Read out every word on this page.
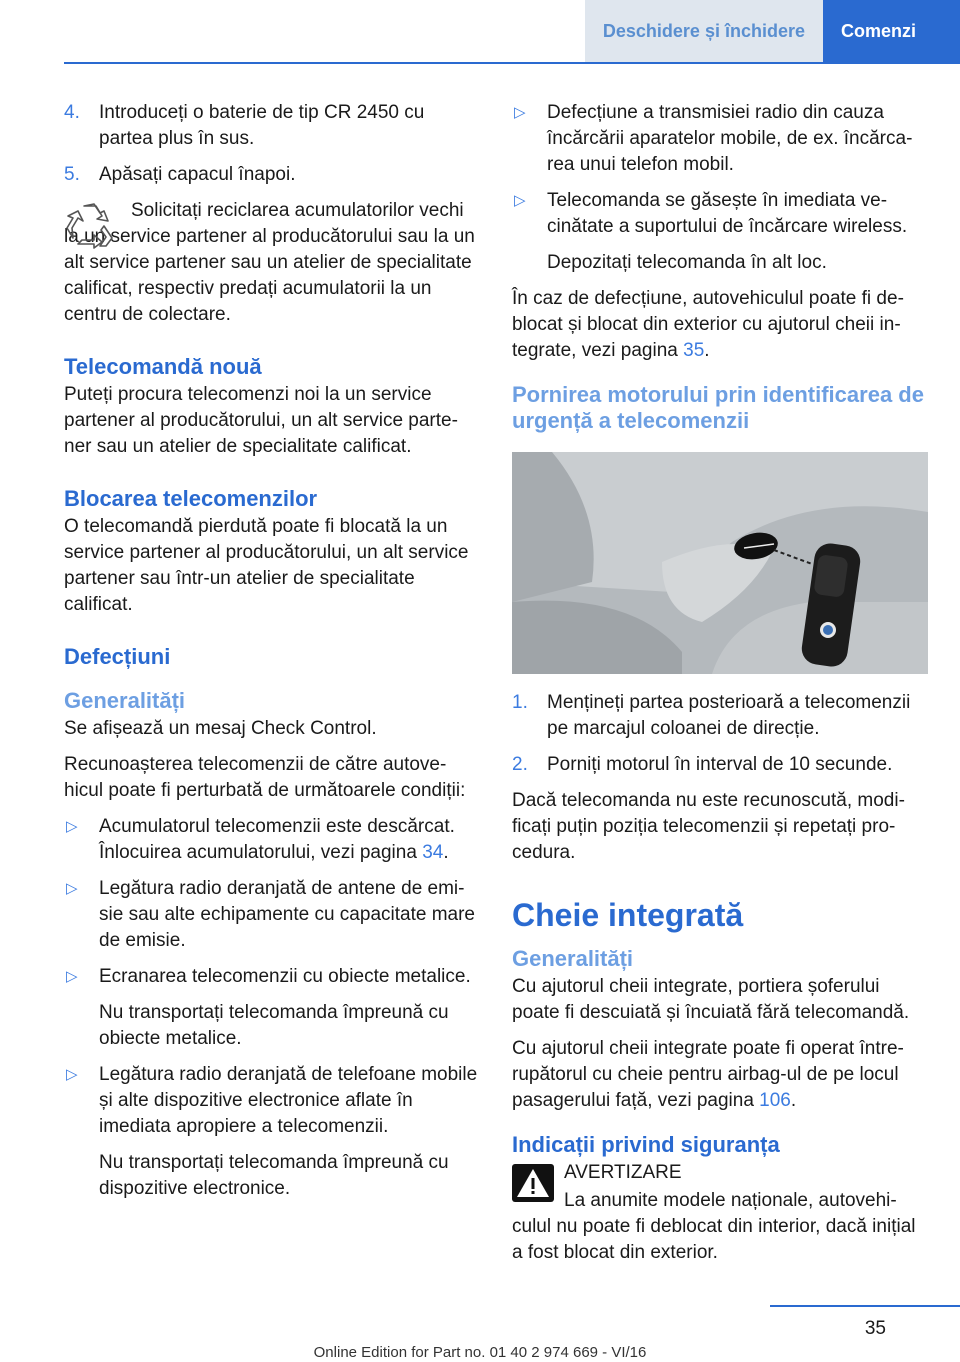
Deschidere și închidere	Comenzi
4. Introduceți o baterie de tip CR 2450 cu partea plus în sus.
5. Apăsați capacul înapoi.

Solicitați reciclarea acumulatorilor vechi la un service partener al producătorului sau la un alt service partener sau un atelier de specialitate calificat, respectiv predați acumulatorii la un centru de colectare.

Telecomandă nouă

Puteți procura telecomenzi noi la un service partener al producătorului, un alt service partener sau un atelier de specialitate calificat.

Blocarea telecomenzilor

O telecomandă pierdută poate fi blocată la un service partener al producătorului, un alt service partener sau într-un atelier de specialitate calificat.

Defecțiuni
Generalități

Se afișează un mesaj Check Control.

Recunoașterea telecomenzii de către autovehicul poate fi perturbată de următoarele condiții:

▷ Acumulatorul telecomenzii este descărcat. Înlocuirea acumulatorului, vezi pagina 34.
▷ Legătura radio deranjată de antene de emisie sau alte echipamente cu capacitate mare de emisie.
▷ Ecranarea telecomenzii cu obiecte metalice.

Nu transportați telecomanda împreună cu obiecte metalice.

▷ Legătura radio deranjată de telefoane mobile și alte dispozitive electronice aflate în imediata apropiere a telecomenzii.

Nu transportați telecomanda împreună cu dispozitive electronice.

▷ Defecțiune a transmisiei radio din cauza încărcării aparatelor mobile, de ex. încărcarea unui telefon mobil.
▷ Telecomanda se găsește în imediata vecinătate a suportului de încărcare wireless.

Depozitați telecomanda în alt loc.

În caz de defecțiune, autovehiculul poate fi deblocat și blocat din exterior cu ajutorul cheii integrate, vezi pagina 35.

Pornirea motorului prin identificarea de urgență a telecomenzii
1. Mențineți partea posterioară a telecomenzii pe marcajul coloanei de direcție.
2. Porniți motorul în interval de 10 secunde.

Dacă telecomanda nu este recunoscută, modificați puțin poziția telecomenzii și repetați procedura.

Cheie integrată
Generalități

Cu ajutorul cheii integrate, portiera șoferului poate fi descuiată și încuiată fără telecomandă.

Cu ajutorul cheii integrate poate fi operat întrerupătorul cu cheie pentru airbag-ul de pe locul pasagerului față, vezi pagina 106.

Indicații privind siguranța

AVERTIZARE

La anumite modele naționale, autovehiculul nu poate fi deblocat din interior, dacă inițial a fost blocat din exterior.

35
Online Edition for Part no. 01 40 2 974 669 - VI/16
